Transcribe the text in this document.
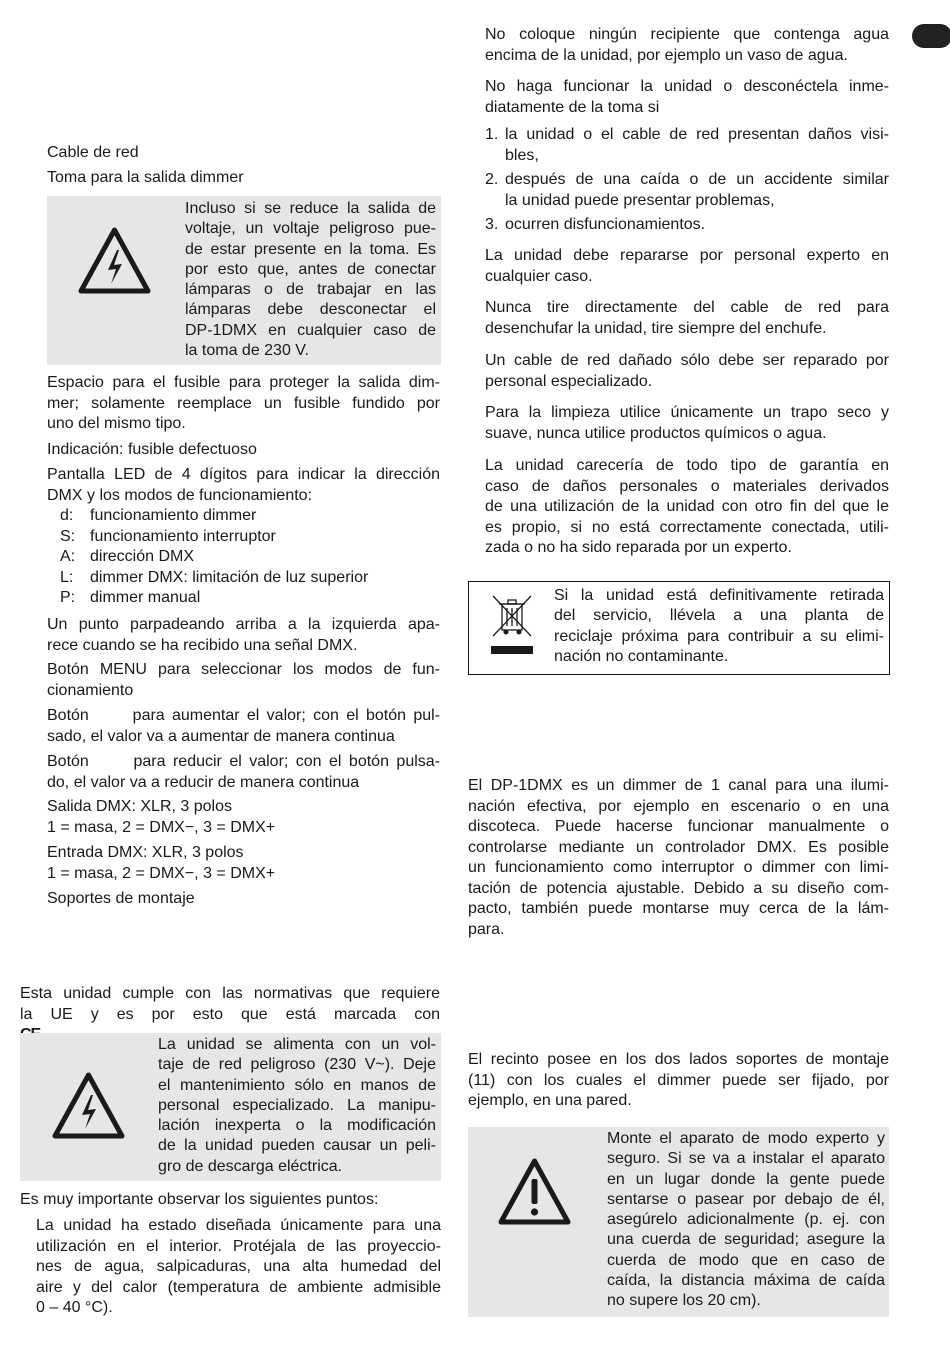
Cable de red
Toma para la salida dimmer
Incluso si se reduce la salida de
voltaje, un voltaje peligroso pue-
de estar presente en la toma. Es
por esto que, antes de conectar
lámparas o de trabajar en las
lámparas debe desconectar el
DP-1DMX en cualquier caso de
la toma de 230 V.
Espacio para el fusible para proteger la salida dim-
mer; solamente reemplace un fusible fundido por
uno del mismo tipo.
Indicación: fusible defectuoso
Pantalla LED de 4 dígitos para indicar la dirección
DMX y los modos de funcionamiento:
d: funcionamiento dimmer
S: funcionamiento interruptor
A: dirección DMX
L: dimmer DMX: limitación de luz superior
P: dimmer manual
Un punto parpadeando arriba a la izquierda apa-
rece cuando se ha recibido una señal DMX.
Botón MENU para seleccionar los modos de fun-
cionamiento
Botón      para aumentar el valor; con el botón pul-
sado, el valor va a aumentar de manera continua
Botón      para reducir el valor; con el botón pulsa-
do, el valor va a reducir de manera continua
Salida DMX: XLR, 3 polos
1 = masa, 2 = DMX−, 3 = DMX+
Entrada DMX: XLR, 3 polos
1 = masa, 2 = DMX−, 3 = DMX+
Soportes de montaje
Esta unidad cumple con las normativas que requiere
la UE y es por esto que está marcada con
La unidad se alimenta con un vol-
taje de red peligroso (230 V~). Deje
el mantenimiento sólo en manos de
personal especializado. La manipu-
lación inexperta o la modificación
de la unidad pueden causar un peli-
gro de descarga eléctrica.
Es muy importante observar los siguientes puntos:
La unidad ha estado diseñada únicamente para una
utilización en el interior. Protéjala de las proyeccio-
nes de agua, salpicaduras, una alta humedad del
aire y del calor (temperatura de ambiente admisible
0 – 40 °C).
No coloque ningún recipiente que contenga agua
encima de la unidad, por ejemplo un vaso de agua.
No haga funcionar la unidad o desconéctela inme-
diatamente de la toma si
1. la unidad o el cable de red presentan daños visi-
bles,
2. después de una caída o de un accidente similar
la unidad puede presentar problemas,
3. ocurren disfuncionamientos.
La unidad debe repararse por personal experto en
cualquier caso.
Nunca tire directamente del cable de red para
desenchufar la unidad, tire siempre del enchufe.
Un cable de red dañado sólo debe ser reparado por
personal especializado.
Para la limpieza utilice únicamente un trapo seco y
suave, nunca utilice productos químicos o agua.
La unidad carecería de todo tipo de garantía en
caso de daños personales o materiales derivados
de una utilización de la unidad con otro fin del que le
es propio, si no está correctamente conectada, utili-
zada o no ha sido reparada por un experto.
Si la unidad está definitivamente retirada
del servicio, llévela a una planta de
reciclaje próxima para contribuir a su elimi-
nación no contaminante.
El DP-1DMX es un dimmer de 1 canal para una ilumi-
nación efectiva, por ejemplo en escenario o en una
discoteca. Puede hacerse funcionar manualmente o
controlarse mediante un controlador DMX. Es posible
un funcionamiento como interruptor o dimmer con limi-
tación de potencia ajustable. Debido a su diseño com-
pacto, también puede montarse muy cerca de la lám-
para.
El recinto posee en los dos lados soportes de montaje
(11) con los cuales el dimmer puede ser fijado, por
ejemplo, en una pared.
Monte el aparato de modo experto y
seguro. Si se va a instalar el aparato
en un lugar donde la gente puede
sentarse o pasear por debajo de él,
asegúrelo adicionalmente (p. ej. con
una cuerda de seguridad; asegure la
cuerda de modo que en caso de
caída, la distancia máxima de caída
no supere los 20 cm).
